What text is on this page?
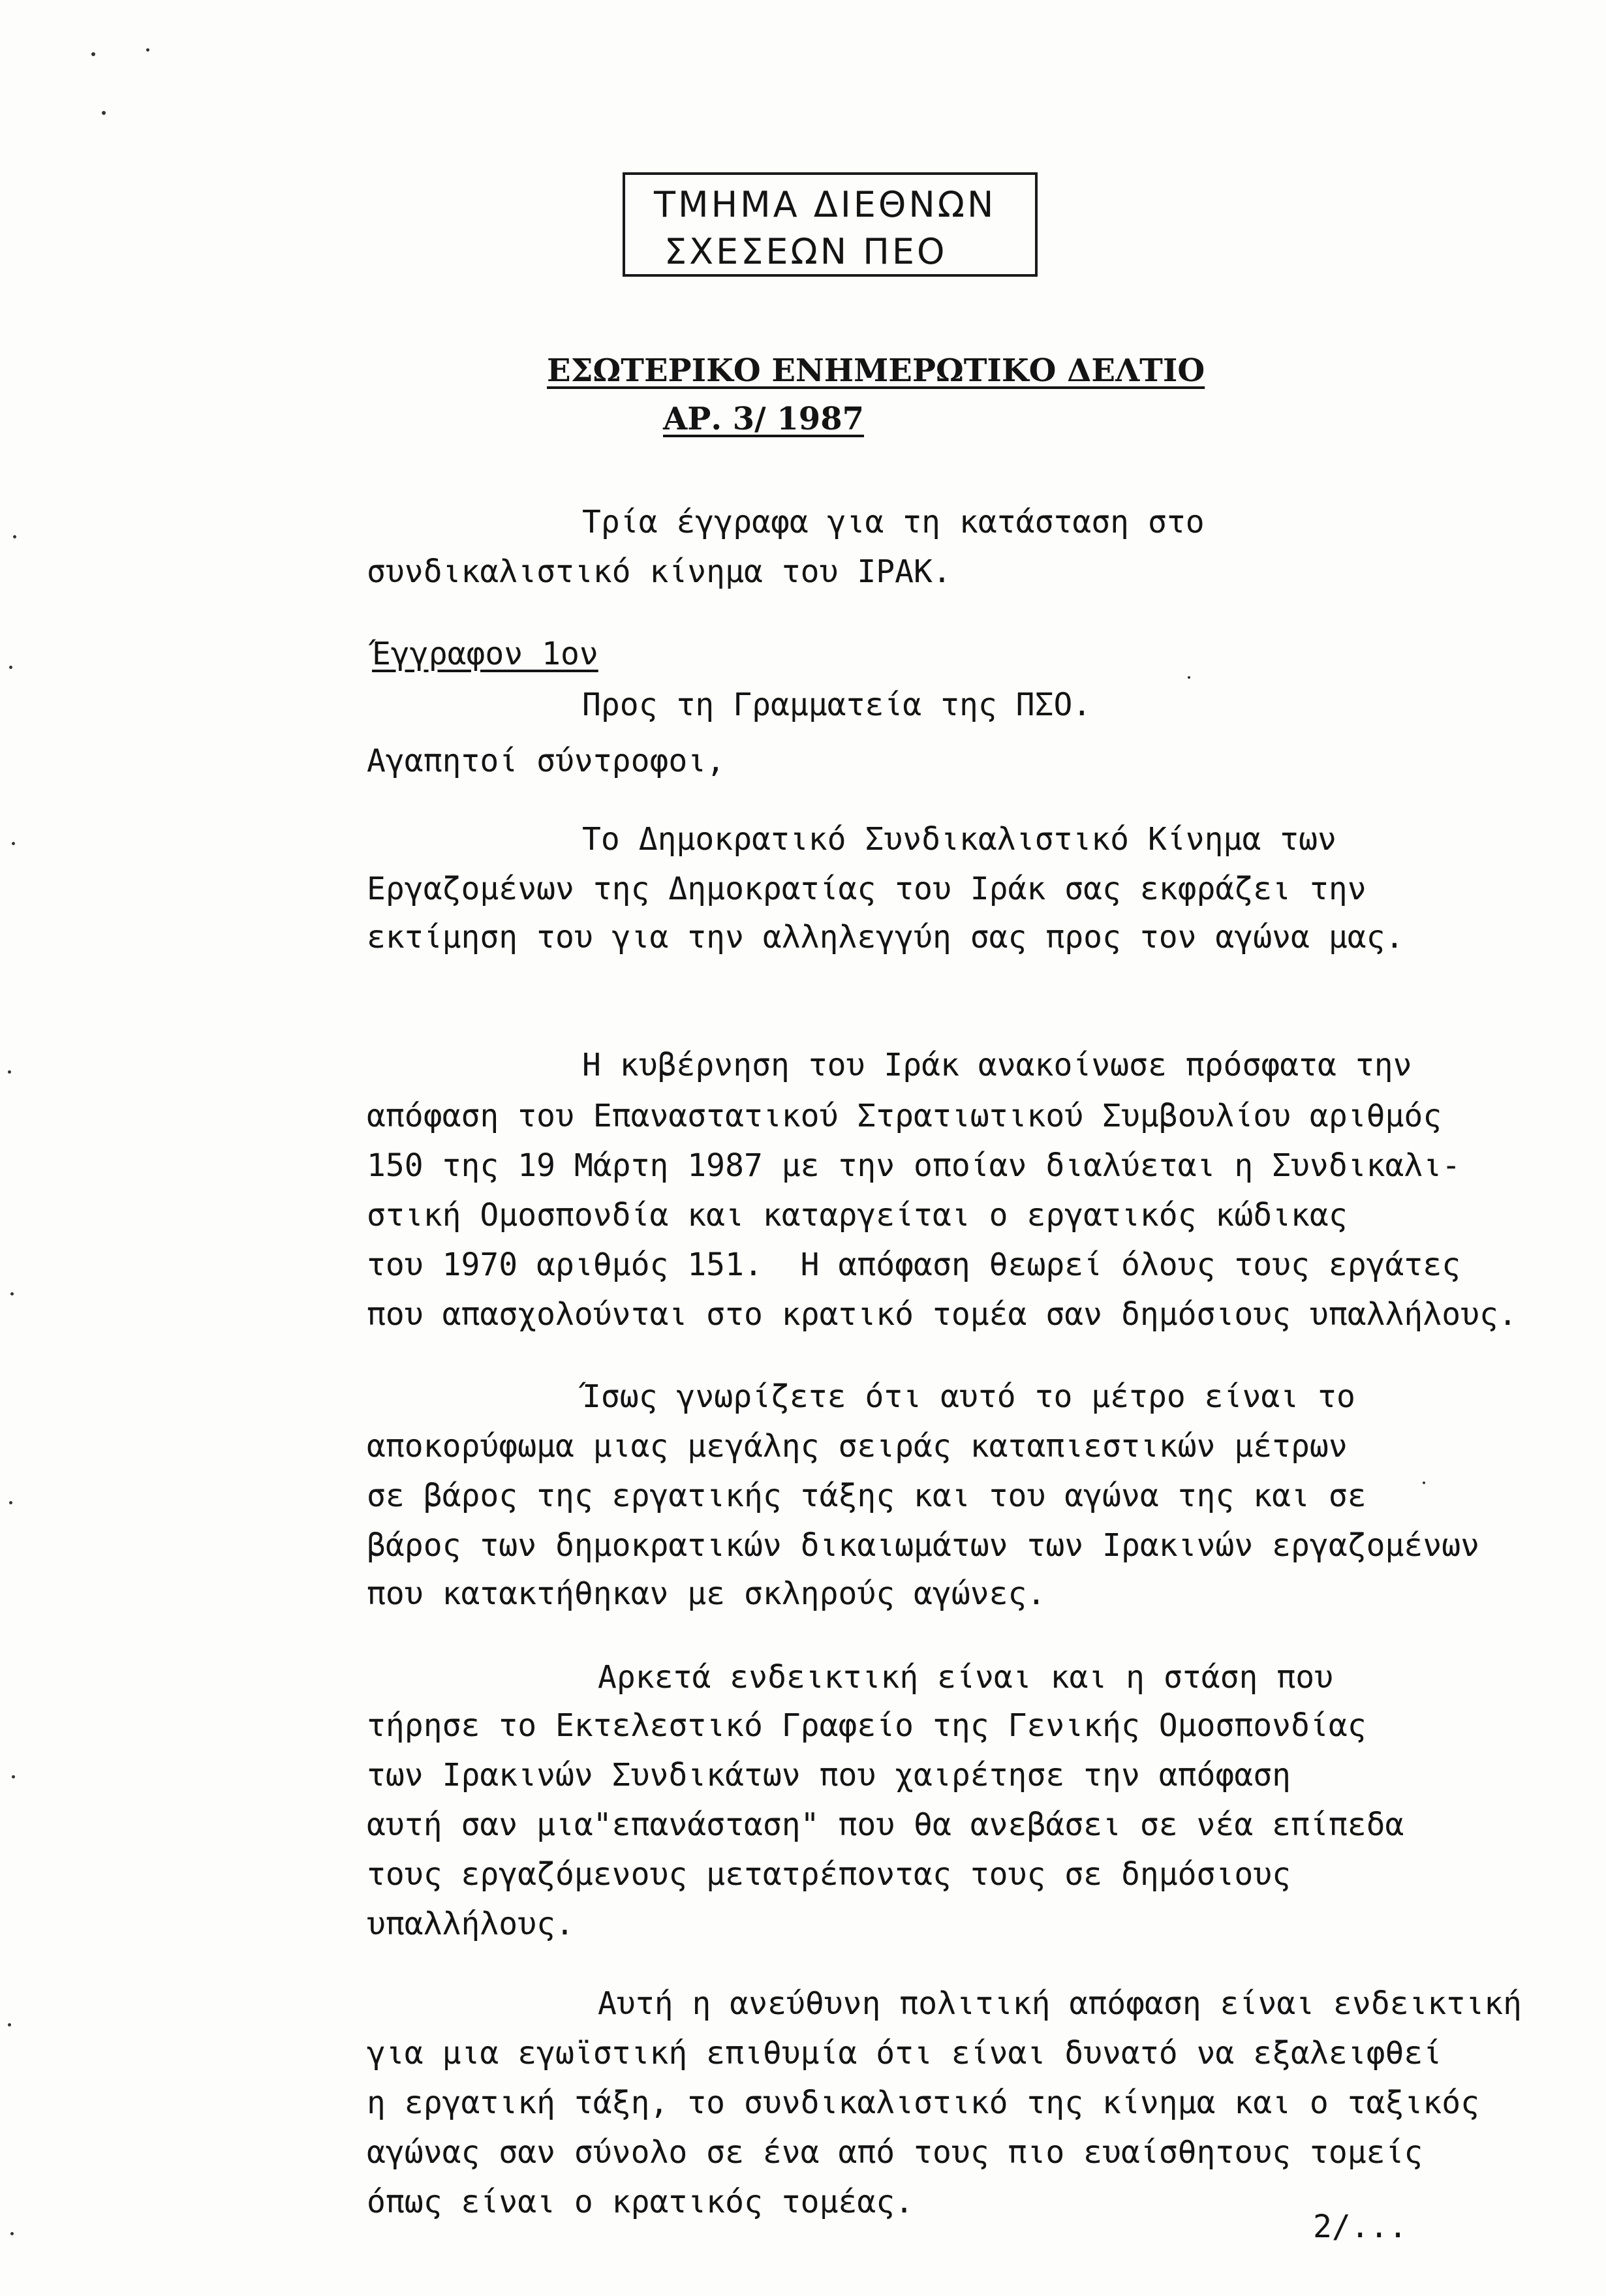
ΤΜΗΜΑ ΔΙΕΘΝΩΝ
ΣΧΕΣΕΩΝ ΠΕΟ
ΕΣΩΤΕΡΙΚΟ ΕΝΗΜΕΡΩΤΙΚΟ ΔΕΛΤΙΟ
ΑΡ. 3/ 1987
Τρία έγγραφα για τη κατάσταση στο
συνδικαλιστικό κίνημα του ΙΡΑΚ.
Έγγραφον 1ον
Προς τη Γραμματεία της ΠΣΟ.
Αγαπητοί σύντροφοι,
Το Δημοκρατικό Συνδικαλιστικό Κίνημα των
Εργαζομένων της Δημοκρατίας του Ιράκ σας εκφράζει την
εκτίμηση του για την αλληλεγγύη σας προς τον αγώνα μας.
Η κυβέρνηση του Ιράκ ανακοίνωσε πρόσφατα την
απόφαση του Επαναστατικού Στρατιωτικού Συμβουλίου αριθμός
150 της 19 Μάρτη 1987 με την οποίαν διαλύεται η Συνδικαλι-
στική Ομοσπονδία και καταργείται ο εργατικός κώδικας
του 1970 αριθμός 151.  Η απόφαση θεωρεί όλους τους εργάτες
που απασχολούνται στο κρατικό τομέα σαν δημόσιους υπαλλήλους.
Ίσως γνωρίζετε ότι αυτό το μέτρο είναι το
αποκορύφωμα μιας μεγάλης σειράς καταπιεστικών μέτρων
σε βάρος της εργατικής τάξης και του αγώνα της και σε
βάρος των δημοκρατικών δικαιωμάτων των Ιρακινών εργαζομένων
που κατακτήθηκαν με σκληρούς αγώνες.
Αρκετά ενδεικτική είναι και η στάση που
τήρησε το Εκτελεστικό Γραφείο της Γενικής Ομοσπονδίας
των Ιρακινών Συνδικάτων που χαιρέτησε την απόφαση
αυτή σαν μια"επανάσταση" που θα ανεβάσει σε νέα επίπεδα
τους εργαζόμενους μετατρέποντας τους σε δημόσιους
υπαλλήλους.
Αυτή η ανεύθυνη πολιτική απόφαση είναι ενδεικτική
για μια εγωϊστική επιθυμία ότι είναι δυνατό να εξαλειφθεί
η εργατική τάξη, το συνδικαλιστικό της κίνημα και ο ταξικός
αγώνας σαν σύνολο σε ένα από τους πιο ευαίσθητους τομείς
όπως είναι ο κρατικός τομέας.
2/...
